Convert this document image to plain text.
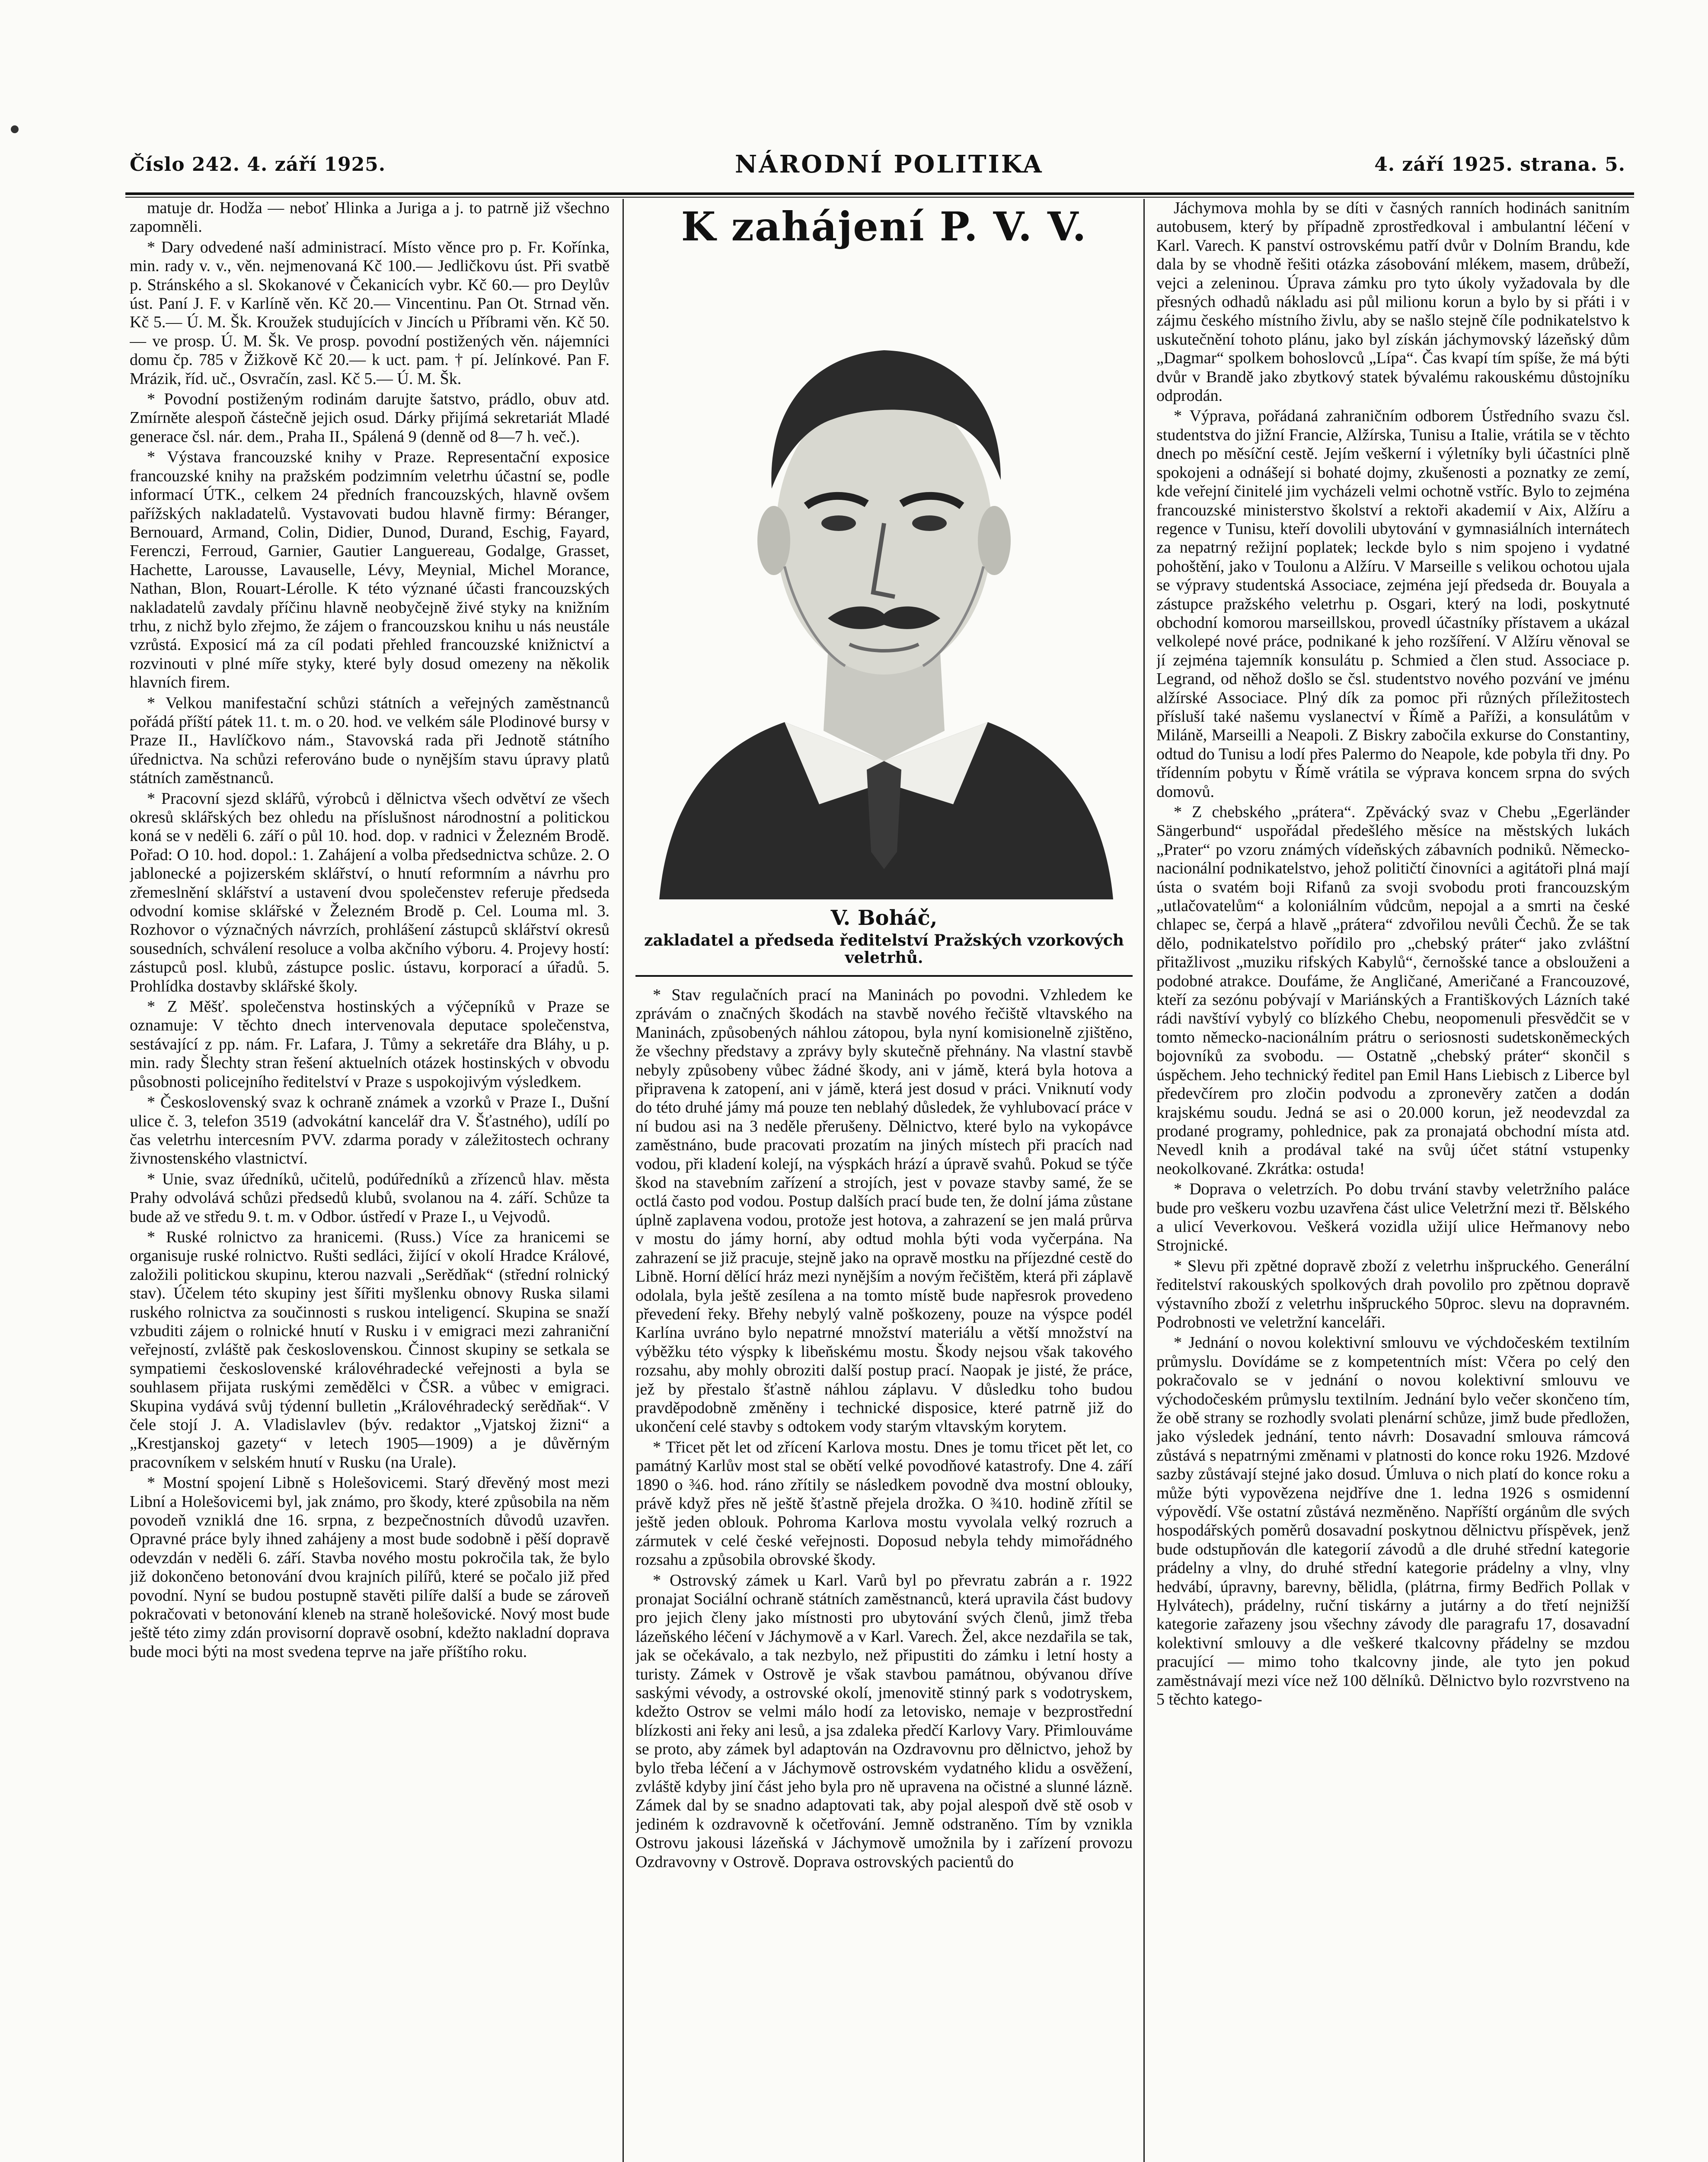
Číslo 242. 4. září 1925.	NÁRODNÍ POLITIKA	4. září 1925. strana. 5.

matuje dr. Hodža — neboť Hlinka a Juriga a j. to patrně již všechno zapomněli.

* Dary odvedené naší administrací. Místo věnce pro p. Fr. Kořínka, min. rady v. v., věn. nejmenovaná Kč 100.— Jedličkovu úst. Při svatbě p. Stránského a sl. Skokanové v Čekanicích vybr. Kč 60.— pro Deylův úst. Paní J. F. v Karlíně věn. Kč 20.— Vincentinu. Pan Ot. Strnad věn. Kč 5.— Ú. M. Šk. Kroužek studujících v Jincích u Příbrami věn. Kč 50.— ve prosp. Ú. M. Šk. Ve prosp. povodní postižených věn. nájemníci domu čp. 785 v Žižkově Kč 20.— k uct. pam. † pí. Jelínkové. Pan F. Mrázik, říd. uč., Osvračín, zasl. Kč 5.— Ú. M. Šk.

* Povodní postiženým rodinám darujte šatstvo, prádlo, obuv atd. Zmírněte alespoň částečně jejich osud. Dárky přijímá sekretariát Mladé generace čsl. nár. dem., Praha II., Spálená 9 (denně od 8—7 h. več.).

* Výstava francouzské knihy v Praze. Representační exposice francouzské knihy na pražském podzimním veletrhu účastní se, podle informací ÚTK., celkem 24 předních francouzských, hlavně ovšem pařížských nakladatelů. Vystavovati budou hlavně firmy: Béranger, Bernouard, Armand, Colin, Didier, Dunod, Durand, Eschig, Fayard, Ferenczi, Ferroud, Garnier, Gautier Languereau, Godalge, Grasset, Hachette, Larousse, Lavauselle, Lévy, Meynial, Michel Morance, Nathan, Blon, Rouart-Lérolle. K této význané účasti francouzských nakladatelů zavdaly příčinu hlavně neobyčejně živé styky na knižním trhu, z nichž bylo zřejmo, že zájem o francouzskou knihu u nás neustále vzrůstá. Exposicí má za cíl podati přehled francouzské knižnictví a rozvinouti v plné míře styky, které byly dosud omezeny na několik hlavních firem.

* Velkou manifestační schůzi státních a veřejných zaměstnanců pořádá příští pátek 11. t. m. o 20. hod. ve velkém sále Plodinové bursy v Praze II., Havlíčkovo nám., Stavovská rada při Jednotě státního úřednictva. Na schůzi referováno bude o nynějším stavu úpravy platů státních zaměstnanců.

* Pracovní sjezd sklářů, výrobců i dělnictva všech odvětví ze všech okresů sklářských bez ohledu na příslušnost národnostní a politickou koná se v neděli 6. září o půl 10. hod. dop. v radnici v Železném Brodě. Pořad: O 10. hod. dopol.: 1. Zahájení a volba předsednictva schůze. 2. O jablonecké a pojizerském sklářství, o hnutí reformním a návrhu pro zřemeslnění sklářství a ustavení dvou společenstev referuje předseda odvodní komise sklářské v Železném Brodě p. Cel. Louma ml. 3. Rozhovor o význačných návrzích, prohlášení zástupců sklářství okresů sousedních, schválení resoluce a volba akčního výboru. 4. Projevy hostí: zástupců posl. klubů, zástupce poslic. ústavu, korporací a úřadů. 5. Prohlídka dostavby sklářské školy.

* Z Měšť. společenstva hostinských a výčepníků v Praze se oznamuje: V těchto dnech intervenovala deputace společenstva, sestávající z pp. nám. Fr. Lafara, J. Tůmy a sekretáře dra Bláhy, u p. min. rady Šlechty stran řešení aktuelních otázek hostinských v obvodu působnosti policejního ředitelství v Praze s uspokojivým výsledkem.

* Československý svaz k ochraně známek a vzorků v Praze I., Dušní ulice č. 3, telefon 3519 (advokátní kancelář dra V. Šťastného), udílí po čas veletrhu intercesním PVV. zdarma porady v záležitostech ochrany živnostenského vlastnictví.

* Unie, svaz úředníků, učitelů, podúředníků a zřízenců hlav. města Prahy odvolává schůzi předsedů klubů, svolanou na 4. září. Schůze ta bude až ve středu 9. t. m. v Odbor. ústředí v Praze I., u Vejvodů.

* Ruské rolnictvo za hranicemi. (Russ.) Více za hranicemi se organisuje ruské rolnictvo. Rušti sedláci, žijící v okolí Hradce Králové, založili politickou skupinu, kterou nazvali „Serědňak“ (střední rolnický stav). Účelem této skupiny jest šířiti myšlenku obnovy Ruska silami ruského rolnictva za součinnosti s ruskou inteligencí. Skupina se snaží vzbuditi zájem o rolnické hnutí v Rusku i v emigraci mezi zahraniční veřejností, zvláště pak československou. Činnost skupiny se setkala se sympatiemi československé královéhradecké veřejnosti a byla se souhlasem přijata ruskými zemědělci v ČSR. a vůbec v emigraci. Skupina vydává svůj týdenní bulletin „Královéhradecký serědňak“. V čele stojí J. A. Vladislavlev (býv. redaktor „Vjatskoj žizni“ a „Krestjanskoj gazety“ v letech 1905—1909) a je důvěrným pracovníkem v selském hnutí v Rusku (na Urale).

* Mostní spojení Libně s Holešovicemi. Starý dřevěný most mezi Libní a Holešovicemi byl, jak známo, pro škody, které způsobila na něm povodeň vzniklá dne 16. srpna, z bezpečnostních důvodů uzavřen. Opravné práce byly ihned zahájeny a most bude sodobně i pěší dopravě odevzdán v neděli 6. září. Stavba nového mostu pokročila tak, že bylo již dokončeno betonování dvou krajních pilířů, které se počalo již před povodní. Nyní se budou postupně stavěti pilíře další a bude se zároveň pokračovati v betonování kleneb na straně holešovické. Nový most bude ještě této zimy zdán provisorní dopravě osobní, kdežto nakladní doprava bude moci býti na most svedena teprve na jaře příštího roku.

K zahájení P. V. V.
V. Boháč,
zakladatel a předseda ředitelství Pražských vzorkových veletrhů.

* Stav regulačních prací na Maninách po povodni. Vzhledem ke zprávám o značných škodách na stavbě nového řečiště vltavského na Maninách, způsobených náhlou zátopou, byla nyní komisionelně zjištěno, že všechny představy a zprávy byly skutečně přehnány. Na vlastní stavbě nebyly způsobeny vůbec žádné škody, ani v jámě, která byla hotova a připravena k zatopení, ani v jámě, která jest dosud v práci. Vniknutí vody do této druhé jámy má pouze ten neblahý důsledek, že vyhlubovací práce v ní budou asi na 3 neděle přerušeny. Dělnictvo, které bylo na vykopávce zaměstnáno, bude pracovati prozatím na jiných místech při pracích nad vodou, při kladení kolejí, na výspkách hrází a úpravě svahů. Pokud se týče škod na stavebním zařízení a strojích, jest v povaze stavby samé, že se octlá často pod vodou. Postup dalších prací bude ten, že dolní jáma zůstane úplně zaplavena vodou, protože jest hotova, a zahrazení se jen malá průrva v mostu do jámy horní, aby odtud mohla býti voda vyčerpána. Na zahrazení se již pracuje, stejně jako na opravě mostku na příjezdné cestě do Libně. Horní dělící hráz mezi nynějším a novým řečištěm, která při záplavě odolala, byla ještě zesílena a na tomto místě bude napřesrok provedeno převedení řeky. Břehy nebylý valně poškozeny, pouze na výspce podél Karlína uvráno bylo nepatrné množství materiálu a větší množství na výběžku této výspky k libeňskému mostu. Škody nejsou však takového rozsahu, aby mohly obroziti další postup prací. Naopak je jisté, že práce, jež by přestalo šťastně náhlou záplavu. V důsledku toho budou pravděpodobně změněny i technické disposice, které patrně již do ukončení celé stavby s odtokem vody starým vltavským korytem.

* Třicet pět let od zřícení Karlova mostu. Dnes je tomu třicet pět let, co památný Karlův most stal se obětí velké povodňové katastrofy. Dne 4. září 1890 o ¾6. hod. ráno zřítily se následkem povodně dva mostní oblouky, právě když přes ně ještě šťastně přejela drožka. O ¾10. hodině zřítil se ještě jeden oblouk. Pohroma Karlova mostu vyvolala velký rozruch a zármutek v celé české veřejnosti. Doposud nebyla tehdy mimořádného rozsahu a způsobila obrovské škody.

* Ostrovský zámek u Karl. Varů byl po převratu zabrán a r. 1922 pronajat Sociální ochraně státních zaměstnanců, která upravila část budovy pro jejich členy jako místnosti pro ubytování svých členů, jimž třeba lázeňského léčení v Jáchymově a v Karl. Varech. Žel, akce nezdařila se tak, jak se očekávalo, a tak nezbylo, než připustiti do zámku i letní hosty a turisty. Zámek v Ostrově je však stavbou památnou, obývanou dříve saskými vévody, a ostrovské okolí, jmenovitě stinný park s vodotryskem, kdežto Ostrov se velmi málo hodí za letovisko, nemaje v bezprostřední blízkosti ani řeky ani lesů, a jsa zdaleka předčí Karlovy Vary. Přimlouváme se proto, aby zámek byl adaptován na Ozdravovnu pro dělnictvo, jehož by bylo třeba léčení a v Jáchymově ostrovském vydatného klidu a osvěžení, zvláště kdyby jiní část jeho byla pro ně upravena na očistné a slunné lázně. Zámek dal by se snadno adaptovati tak, aby pojal alespoň dvě stě osob v jediném k ozdravovně k očetřování. Jemně odstraněno. Tím by vznikla Ostrovu jakousi lázeňská v Jáchymově umožnila by i zařízení provozu Ozdravovny v Ostrově. Doprava ostrovských pacientů do

Jáchymova mohla by se díti v časných ranních hodinách sanitním autobusem, který by případně zprostředkoval i ambulantní léčení v Karl. Varech. K panství ostrovskému patří dvůr v Dolním Brandu, kde dala by se vhodně řešiti otázka zásobování mlékem, masem, drůbeží, vejci a zeleninou. Úprava zámku pro tyto úkoly vyžadovala by dle přesných odhadů nákladu asi půl milionu korun a bylo by si přáti i v zájmu českého místního živlu, aby se našlo stejně číle podnikatelstvo k uskutečnění tohoto plánu, jako byl získán jáchymovský lázeňský dům „Dagmar“ spolkem bohoslovců „Lípa“. Čas kvapí tím spíše, že má býti dvůr v Brandě jako zbytkový statek bývalému rakouskému důstojníku odprodán.

* Výprava, pořádaná zahraničním odborem Ústředního svazu čsl. studentstva do jižní Francie, Alžírska, Tunisu a Italie, vrátila se v těchto dnech po měsíční cestě. Jejím veškerní i výletníky byli účastníci plně spokojeni a odnášejí si bohaté dojmy, zkušenosti a poznatky ze zemí, kde veřejní činitelé jim vycházeli velmi ochotně vstříc. Bylo to zejména francouzské ministerstvo školství a rektoři akademií v Aix, Alžíru a regence v Tunisu, kteří dovolili ubytování v gymnasiálních internátech za nepatrný režijní poplatek; leckde bylo s nim spojeno i vydatné pohoštění, jako v Toulonu a Alžíru. V Marseille s velikou ochotou ujala se výpravy studentská Associace, zejména její předseda dr. Bouyala a zástupce pražského veletrhu p. Osgari, který na lodi, poskytnuté obchodní komorou marseillskou, provedl účastníky přístavem a ukázal velkolepé nové práce, podnikané k jeho rozšíření. V Alžíru věnoval se jí zejména tajemník konsulátu p. Schmied a člen stud. Associace p. Legrand, od něhož došlo se čsl. studentstvo nového pozvání ve jménu alžírské Associace. Plný dík za pomoc při různých příležitostech přísluší také našemu vyslanectví v Římě a Paříži, a konsulátům v Miláně, Marseilli a Neapoli. Z Biskry zabočila exkurse do Constantiny, odtud do Tunisu a lodí přes Palermo do Neapole, kde pobyla tři dny. Po třídenním pobytu v Římě vrátila se výprava koncem srpna do svých domovů.

* Z chebského „prátera“. Zpěvácký svaz v Chebu „Egerländer Sängerbund“ uspořádal předešlého měsíce na městských lukách „Prater“ po vzoru známých vídeňských zábavních podniků. Německo-nacionální podnikatelstvo, jehož političtí činovníci a agitátoři plná mají ústa o svatém boji Rifanů za svoji svobodu proti francouzským „utlačovatelům“ a koloniálním vůdcům, nepojal a a smrti na české chlapec se, čerpá a hlavě „prátera“ zdvořilou nevůli Čechů. Že se tak dělo, podnikatelstvo pořídilo pro „chebský práter“ jako zvláštní přitažlivost „muziku rifských Kabylů“, černošské tance a obslouženi a podobné atrakce. Doufáme, že Angličané, Američané a Francouzové, kteří za sezónu pobývají v Mariánských a Františkových Lázních také rádi navštíví vybylý co blízkého Chebu, neopomenuli přesvědčit se v tomto německo-nacionálním prátru o seriosnosti sudetskoněmeckých bojovníků za svobodu. — Ostatně „chebský práter“ skončil s úspěchem. Jeho technický ředitel pan Emil Hans Liebisch z Liberce byl předevčírem pro zločin podvodu a zpronevěry zatčen a dodán krajskému soudu. Jedná se asi o 20.000 korun, jež neodevzdal za prodané programy, pohlednice, pak za pronajatá obchodní místa atd. Nevedl knih a prodával také na svůj účet státní vstupenky neokolkované. Zkrátka: ostuda!

* Doprava o veletrzích. Po dobu trvání stavby veletržního paláce bude pro veškeru vozbu uzavřena část ulice Veletržní mezi tř. Bělského a ulicí Veverkovou. Veškerá vozidla užijí ulice Heřmanovy nebo Strojnické.

* Slevu při zpětné dopravě zboží z veletrhu inšpruckého. Generální ředitelství rakouských spolkových drah povolilo pro zpětnou dopravě výstavního zboží z veletrhu inšpruckého 50proc. slevu na dopravném. Podrobnosti ve veletržní kanceláři.

* Jednání o novou kolektivní smlouvu ve výchdočeském textilním průmyslu. Dovídáme se z kompetentních míst: Včera po celý den pokračovalo se v jednání o novou kolektivní smlouvu ve východočeském průmyslu textilním. Jednání bylo večer skončeno tím, že obě strany se rozhodly svolati plenární schůze, jimž bude předložen, jako výsledek jednání, tento návrh: Dosavadní smlouva rámcová zůstává s nepatrnými změnami v platnosti do konce roku 1926. Mzdové sazby zůstávají stejné jako dosud. Úmluva o nich platí do konce roku a může býti vypovězena nejdříve dne 1. ledna 1926 s osmidenní výpovědí. Vše ostatní zůstává nezměněno. Napříští orgánům dle svých hospodářských poměrů dosavadní poskytnou dělnictvu příspěvek, jenž bude odstupňován dle kategorií závodů a dle druhé střední kategorie prádelny a vlny, do druhé střední kategorie prádelny a vlny, vlny hedvábí, úpravny, barevny, bělidla, (plátrna, firmy Bedřich Pollak v Hylvátech), prádelny, ruční tiskárny a jutárny a do třetí nejnižší kategorie zařazeny jsou všechny závody dle paragrafu 17, dosavadní kolektivní smlouvy a dle veškeré tkalcovny přádelny se mzdou pracující — mimo toho tkalcovny jinde, ale tyto jen pokud zaměstnávají mezi více než 100 dělníků. Dělnictvo bylo rozvrstveno na 5 těchto katego-
